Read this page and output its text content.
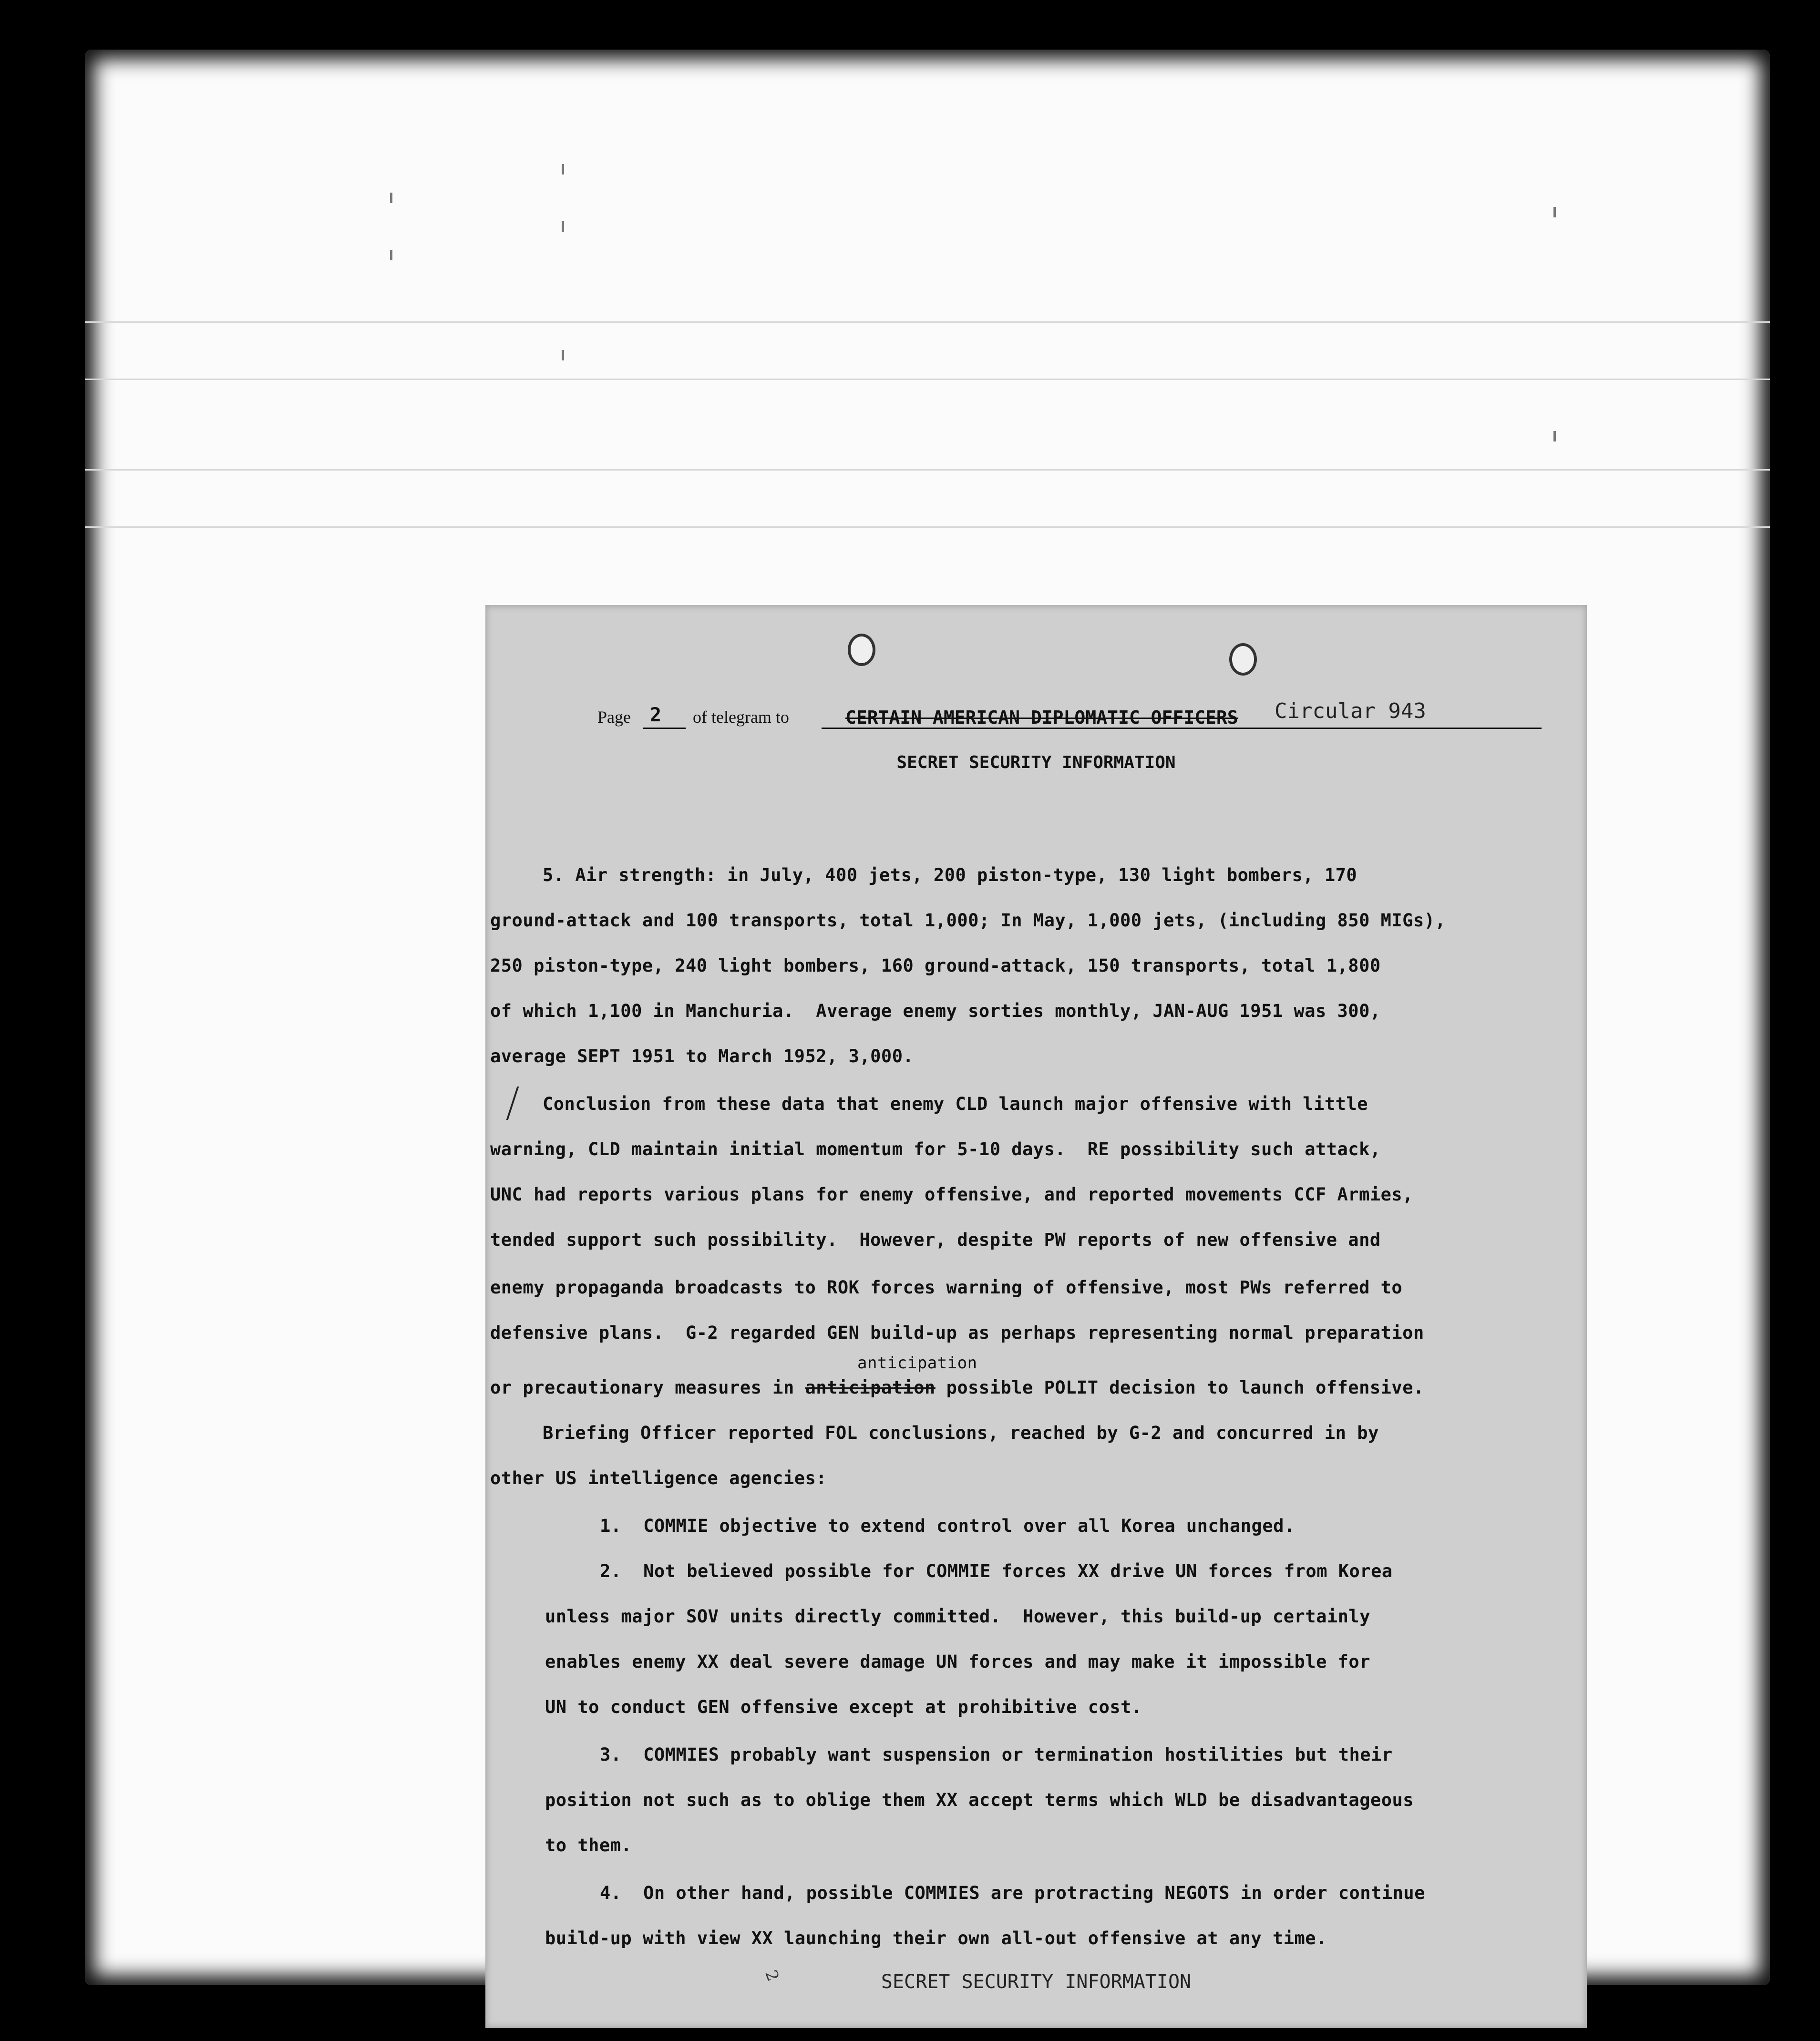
Page 2 of telegram to	CERTAIN AMERICAN DIPLOMATIC OFFICERS Circular 943
SECRET SECURITY INFORMATION
5. Air strength: in July, 400 jets, 200 piston-type, 130 light bombers, 170
ground-attack and 100 transports, total 1,000; In May, 1,000 jets, (including 850 MIGs),
250 piston-type, 240 light bombers, 160 ground-attack, 150 transports, total 1,800
of which 1,100 in Manchuria.  Average enemy sorties monthly, JAN-AUG 1951 was 300,
average SEPT 1951 to March 1952, 3,000.
Conclusion from these data that enemy CLD launch major offensive with little
warning, CLD maintain initial momentum for 5-10 days.  RE possibility such attack,
UNC had reports various plans for enemy offensive, and reported movements CCF Armies,
tended support such possibility.  However, despite PW reports of new offensive and
enemy propaganda broadcasts to ROK forces warning of offensive, most PWs referred to
defensive plans.  G-2 regarded GEN build-up as perhaps representing normal preparation
anticipation
or precautionary measures in anticipation possible POLIT decision to launch offensive.
Briefing Officer reported FOL conclusions, reached by G-2 and concurred in by
other US intelligence agencies:
1.  COMMIE objective to extend control over all Korea unchanged.
2.  Not believed possible for COMMIE forces XX drive UN forces from Korea
unless major SOV units directly committed.  However, this build-up certainly
enables enemy XX deal severe damage UN forces and may make it impossible for
UN to conduct GEN offensive except at prohibitive cost.
3.  COMMIES probably want suspension or termination hostilities but their
position not such as to oblige them XX accept terms which WLD be disadvantageous
to them.
4.  On other hand, possible COMMIES are protracting NEGOTS in order continue
build-up with view XX launching their own all-out offensive at any time.
SECRET SECURITY INFORMATION
2
